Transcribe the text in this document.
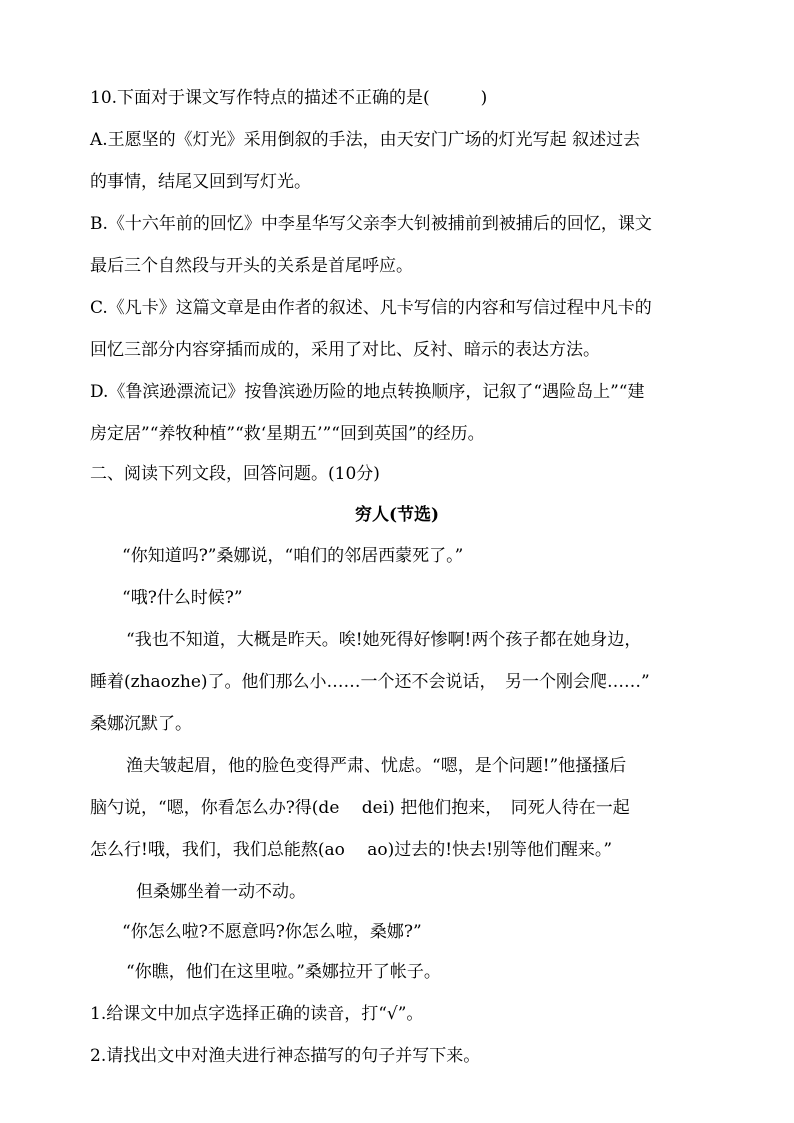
10.下面对于课文写作特点的描述不正确的是(　　　)
A.王愿坚的《灯光》采用倒叙的手法，由天安门广场的灯光写起 叙述过去
的事情，结尾又回到写灯光。
B.《十六年前的回忆》中李星华写父亲李大钊被捕前到被捕后的回忆，课文
最后三个自然段与开头的关系是首尾呼应。
C.《凡卡》这篇文章是由作者的叙述、凡卡写信的内容和写信过程中凡卡的
回忆三部分内容穿插而成的，采用了对比、反衬、暗示的表达方法。
D.《鲁滨逊漂流记》按鲁滨逊历险的地点转换顺序，记叙了“遇险岛上”“建
房定居”“养牧种植”“救‘星期五’”“回到英国”的经历。
二、阅读下列文段，回答问题。(10分)
穷人(节选)
“你知道吗?”桑娜说，“咱们的邻居西蒙死了。”
“哦?什么时候?”
“我也不知道，大概是昨天。唉!她死得好惨啊!两个孩子都在她身边，
睡着(zhaozhe)了。他们那么小……一个还不会说话，　另一个刚会爬……”
桑娜沉默了。
渔夫皱起眉，他的脸色变得严肃、忧虑。“嗯，是个问题!”他搔搔后
脑勺说，“嗯，你看怎么办?得(de　 dei) 把他们抱来，　同死人待在一起
怎么行!哦，我们，我们总能熬(ao　 ao)过去的!快去!别等他们醒来。”
但桑娜坐着一动不动。
“你怎么啦?不愿意吗?你怎么啦，桑娜?”
“你瞧，他们在这里啦。”桑娜拉开了帐子。
1.给课文中加点字选择正确的读音，打“√”。
2.请找出文中对渔夫进行神态描写的句子并写下来。
